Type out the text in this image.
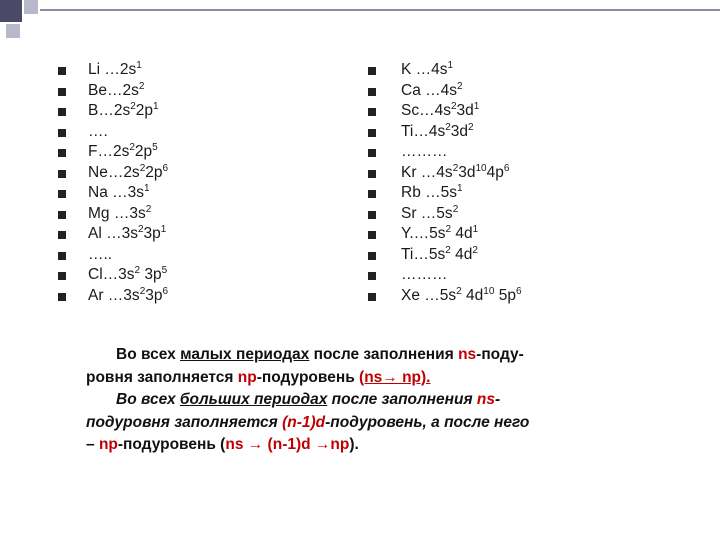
Li $\dots 2s^1$
$Be\dots 2s^2$
$B\dots 2s^22p^1$
….
$F\dots 2s^22p^5$
$Ne\dots 2s^22p^6$
Na $\dots 3s^1$
Mg $\dots 3s^2$
Al $\dots 3s^23p^1$
…..
$Cl\dots 3s^2$ $3p^5$
Ar $\dots 3s^23p^6$
K $\dots 4s^1$
Ca $\dots 4s^2$
$Sc\dots 4s^23d^1$
$Ti\dots 4s^23d^2$
………
Kr $\dots 4s^23d^{10}4p^6$
Rb $\dots 5s^1$
Sr $\dots 5s^2$
$Y.\dots 5s^2$ $4d^1$
$Ti\dots 5s^2$ $4d^2$
………
Xe $\dots 5s^2$ $4d^{10}$ $5p^6$
Во всех малых периодах после заполнения ns-поду-
ровня заполняется np-подуровень (ns→ np).
Во всех больших периодах после заполнения ns-
подуровня заполняется (n-1)d-подуровень, а после него
– np-подуровень (ns → (n-1)d →np).
